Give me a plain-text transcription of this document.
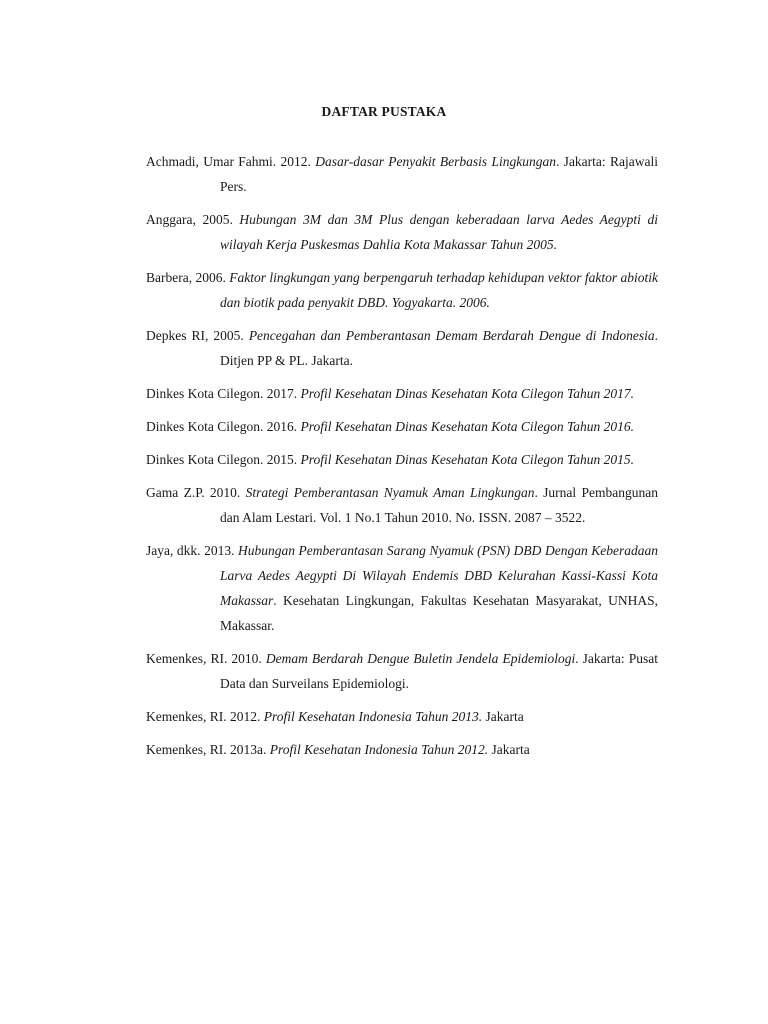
DAFTAR PUSTAKA

Achmadi, Umar Fahmi. 2012. Dasar-dasar Penyakit Berbasis Lingkungan. Jakarta: Rajawali Pers.

Anggara, 2005. Hubungan 3M dan 3M Plus dengan keberadaan larva Aedes Aegypti di wilayah Kerja Puskesmas Dahlia Kota Makassar Tahun 2005.

Barbera, 2006. Faktor lingkungan yang berpengaruh terhadap kehidupan vektor faktor abiotik dan biotik pada penyakit DBD. Yogyakarta. 2006.

Depkes RI, 2005. Pencegahan dan Pemberantasan Demam Berdarah Dengue di Indonesia. Ditjen PP & PL. Jakarta.

Dinkes Kota Cilegon. 2017. Profil Kesehatan Dinas Kesehatan Kota Cilegon Tahun 2017.

Dinkes Kota Cilegon. 2016. Profil Kesehatan Dinas Kesehatan Kota Cilegon Tahun 2016.

Dinkes Kota Cilegon. 2015. Profil Kesehatan Dinas Kesehatan Kota Cilegon Tahun 2015.

Gama Z.P. 2010. Strategi Pemberantasan Nyamuk Aman Lingkungan. Jurnal Pembangunan dan Alam Lestari. Vol. 1 No.1 Tahun 2010. No. ISSN. 2087 – 3522.

Jaya, dkk. 2013. Hubungan Pemberantasan Sarang Nyamuk (PSN) DBD Dengan Keberadaan Larva Aedes Aegypti Di Wilayah Endemis DBD Kelurahan Kassi-Kassi Kota Makassar. Kesehatan Lingkungan, Fakultas Kesehatan Masyarakat, UNHAS, Makassar.

Kemenkes, RI. 2010. Demam Berdarah Dengue Buletin Jendela Epidemiologi. Jakarta: Pusat Data dan Surveilans Epidemiologi.

Kemenkes, RI. 2012. Profil Kesehatan Indonesia Tahun 2013. Jakarta

Kemenkes, RI. 2013a. Profil Kesehatan Indonesia Tahun 2012. Jakarta
